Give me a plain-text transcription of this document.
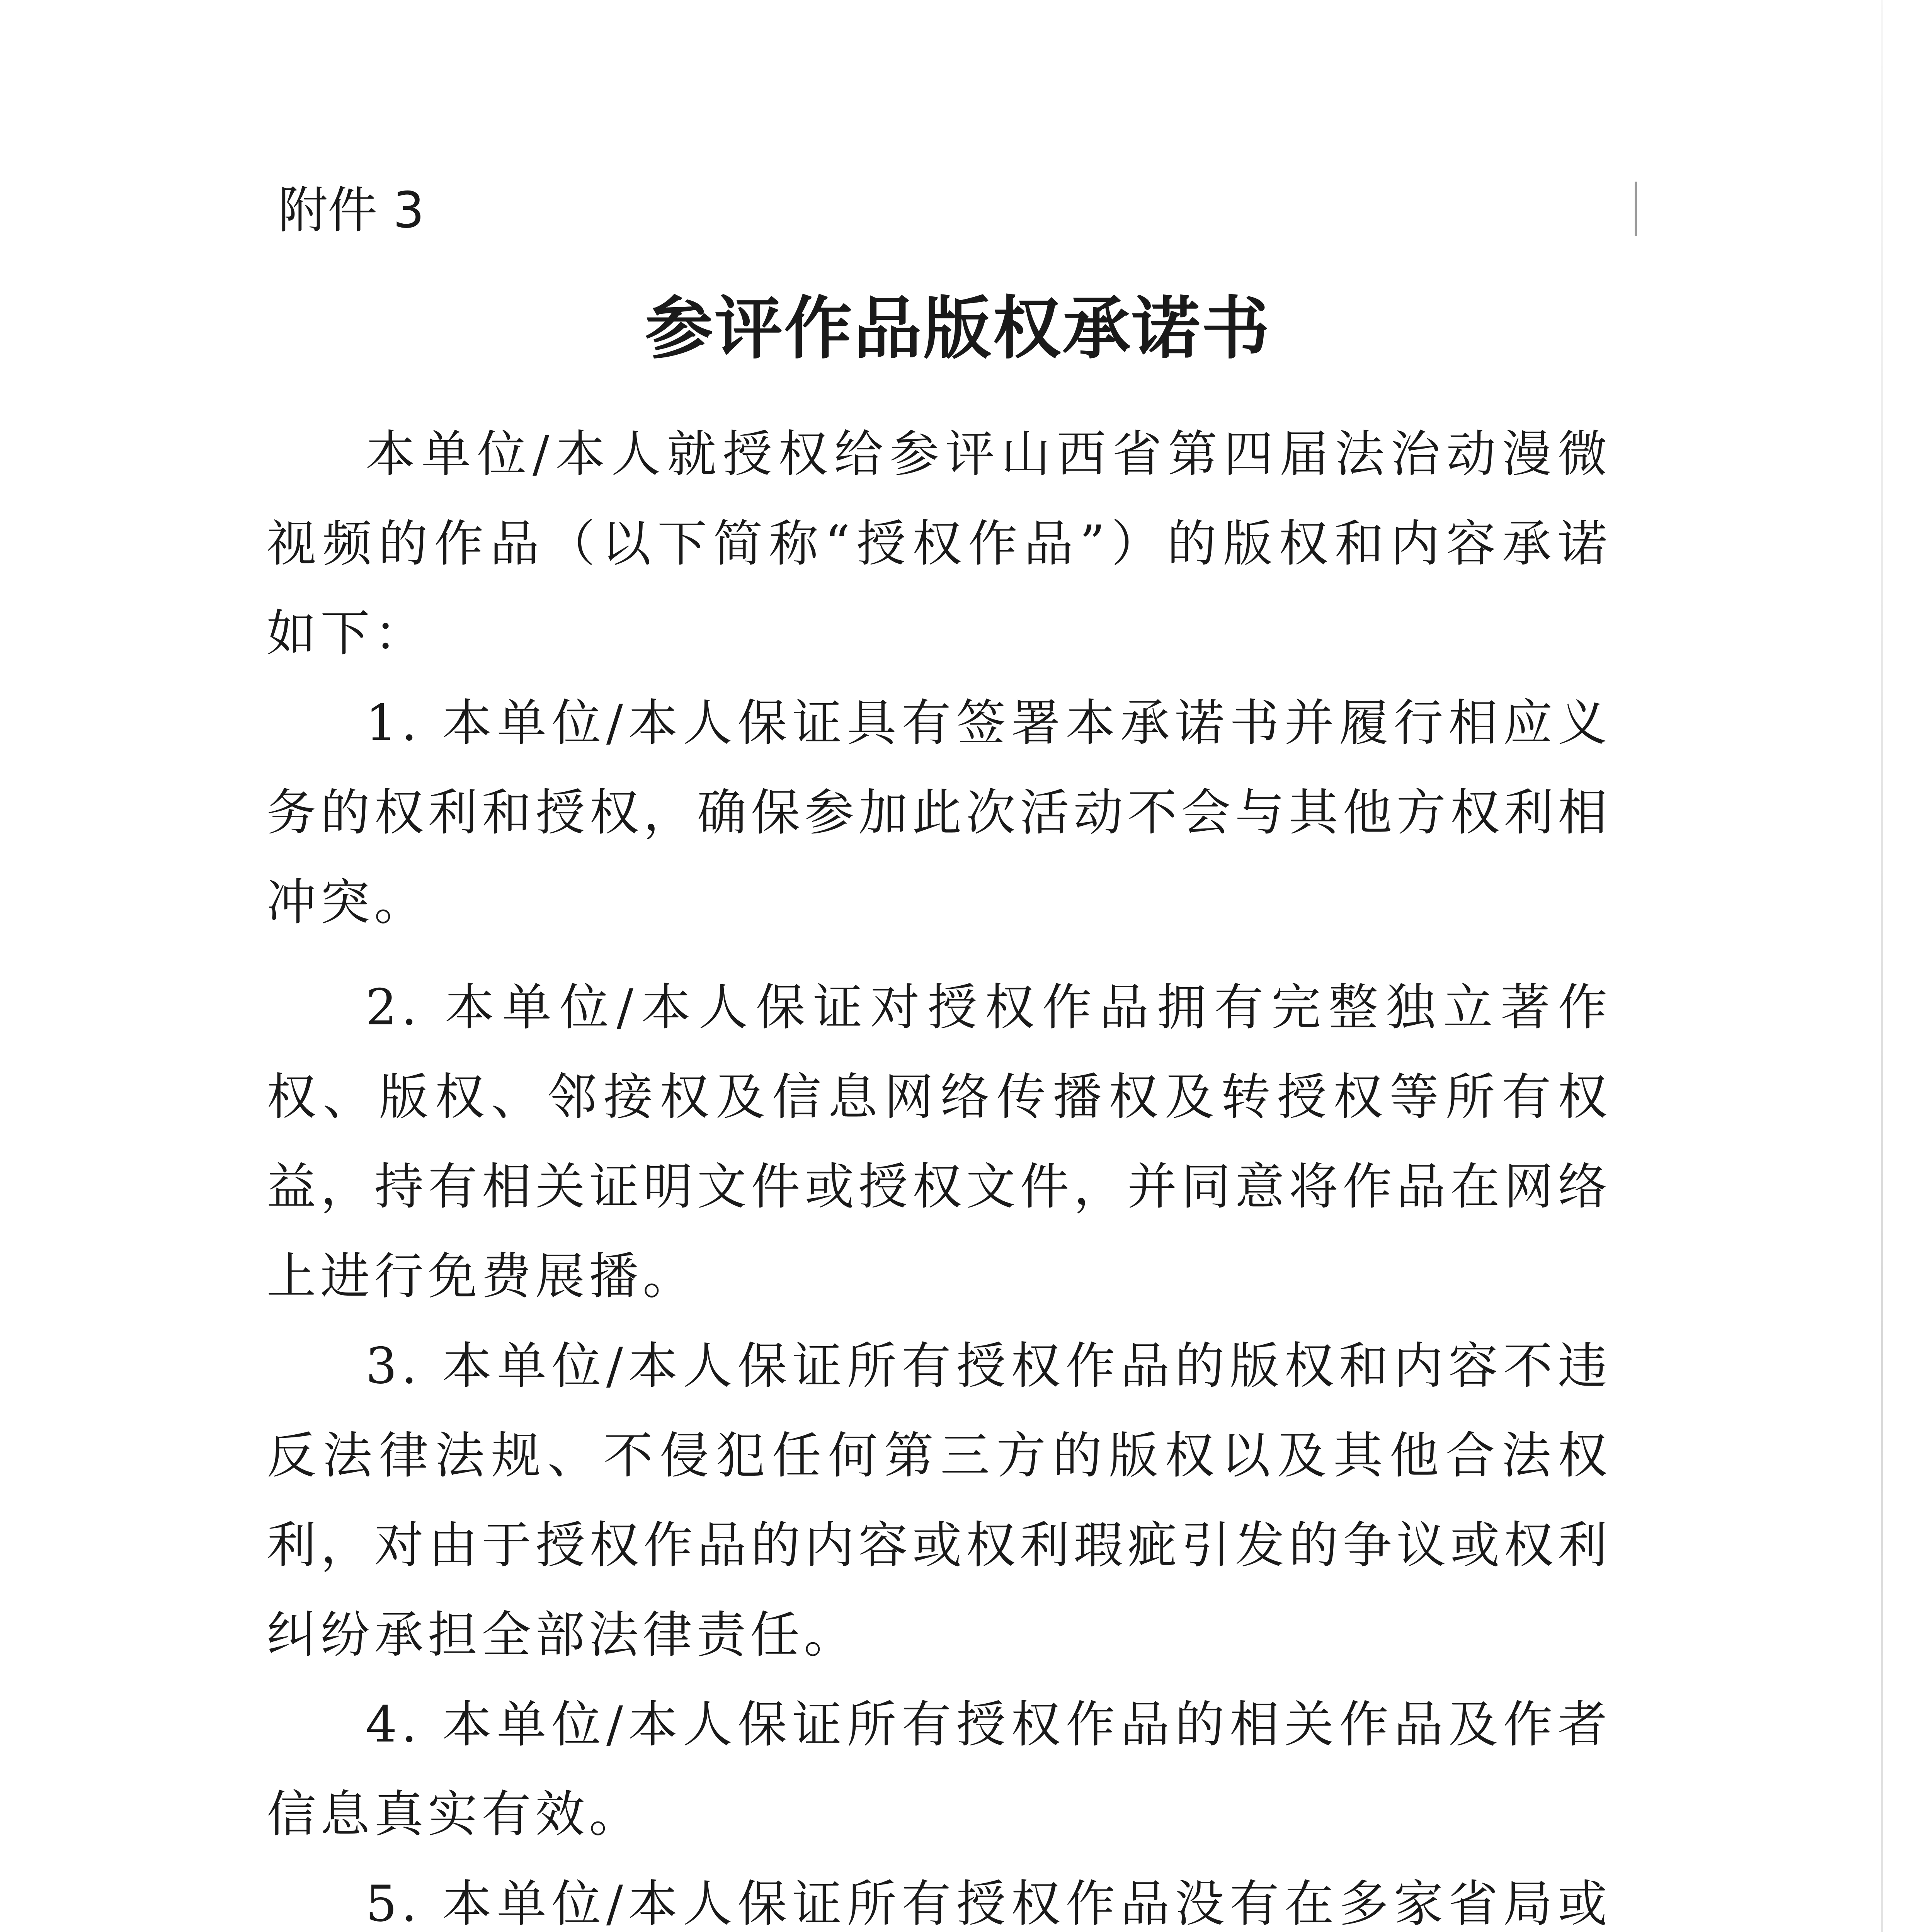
附件 3
参评作品版权承诺书

本单位/本人就授权给参评山西省第四届法治动漫微视频的作品（以下简称“授权作品”）的版权和内容承诺如下：

1. 本单位/本人保证具有签署本承诺书并履行相应义务的权利和授权，确保参加此次活动不会与其他方权利相冲突。

2. 本单位/本人保证对授权作品拥有完整独立著作权、版权、邻接权及信息网络传播权及转授权等所有权益，持有相关证明文件或授权文件，并同意将作品在网络上进行免费展播。

3. 本单位/本人保证所有授权作品的版权和内容不违反法律法规、不侵犯任何第三方的版权以及其他合法权利，对由于授权作品的内容或权利瑕疵引发的争议或权利纠纷承担全部法律责任。

4. 本单位/本人保证所有授权作品的相关作品及作者信息真实有效。

5. 本单位/本人保证所有授权作品没有在多家省局或
